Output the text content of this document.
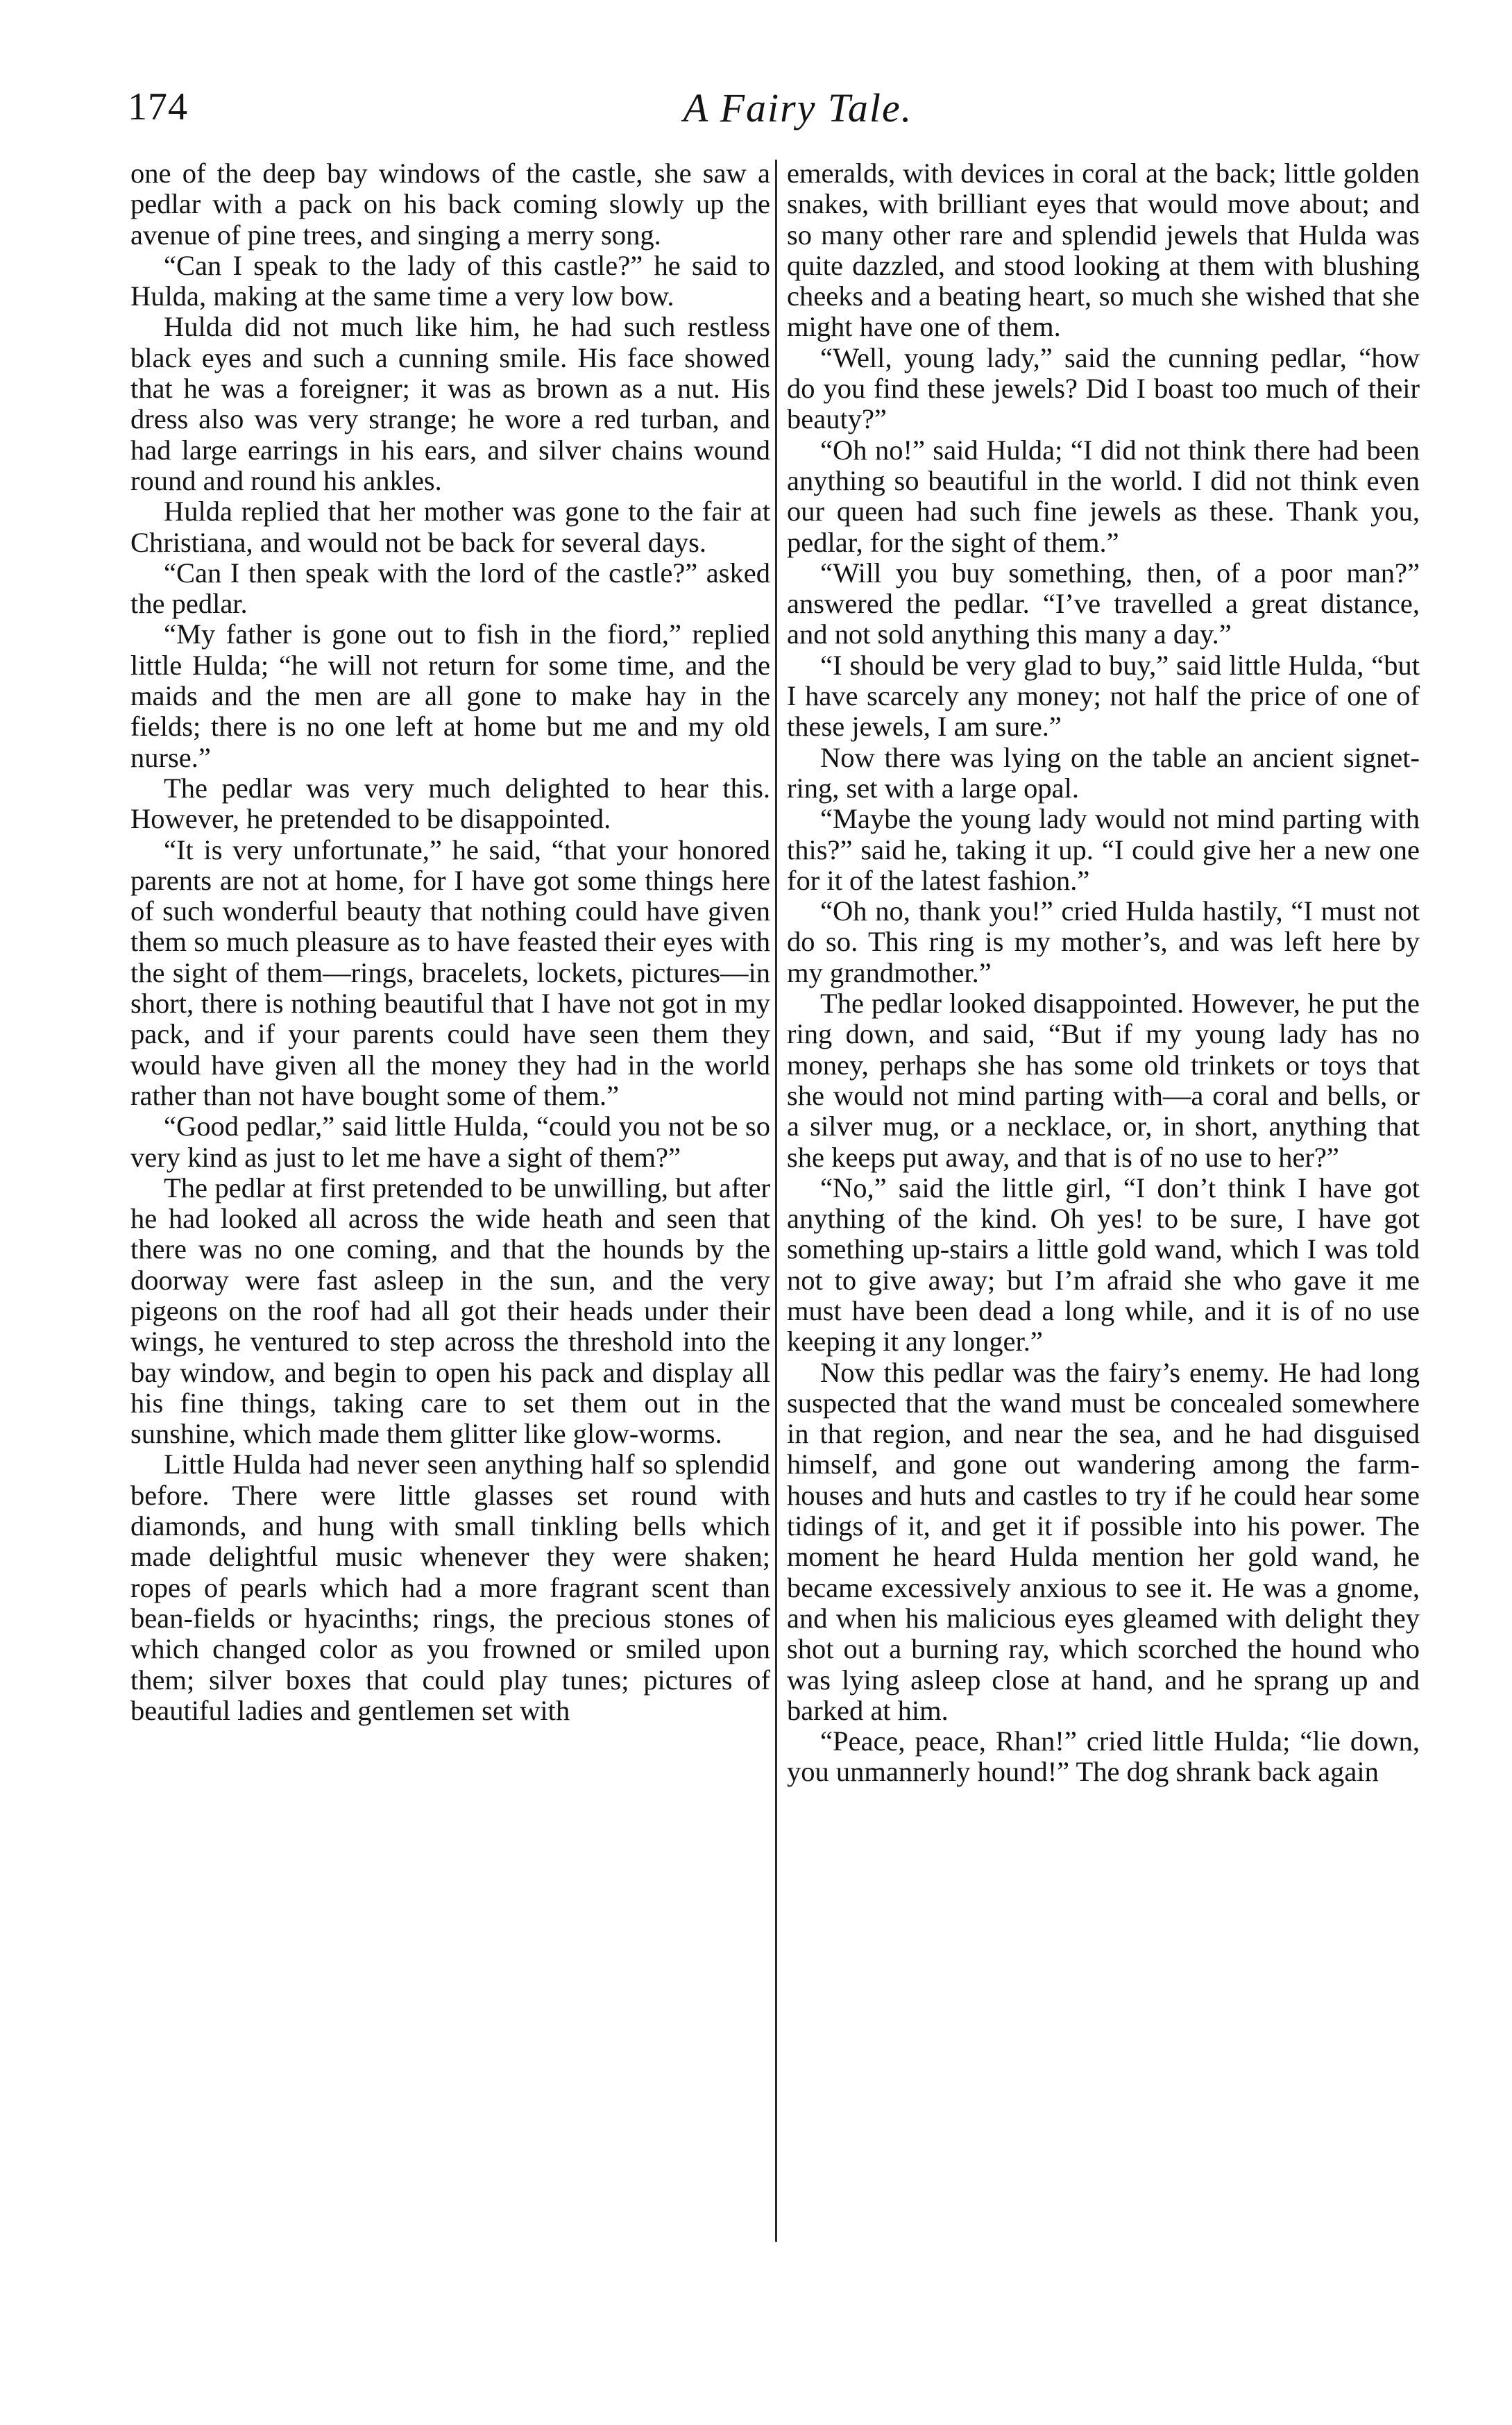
174	A Fairy Tale.

one of the deep bay windows of the castle, she saw a pedlar with a pack on his back coming slowly up the avenue of pine trees, and singing a merry song.

“Can I speak to the lady of this castle?” he said to Hulda, making at the same time a very low bow.

Hulda did not much like him, he had such restless black eyes and such a cunning smile. His face showed that he was a foreigner; it was as brown as a nut. His dress also was very strange; he wore a red turban, and had large earrings in his ears, and silver chains wound round and round his ankles.

Hulda replied that her mother was gone to the fair at Christiana, and would not be back for several days.

“Can I then speak with the lord of the castle?” asked the pedlar.

“My father is gone out to fish in the fiord,” replied little Hulda; “he will not return for some time, and the maids and the men are all gone to make hay in the fields; there is no one left at home but me and my old nurse.”

The pedlar was very much delighted to hear this. However, he pretended to be disappointed.

“It is very unfortunate,” he said, “that your honored parents are not at home, for I have got some things here of such wonderful beauty that nothing could have given them so much pleasure as to have feasted their eyes with the sight of them—rings, bracelets, lockets, pictures—in short, there is nothing beautiful that I have not got in my pack, and if your parents could have seen them they would have given all the money they had in the world rather than not have bought some of them.”

“Good pedlar,” said little Hulda, “could you not be so very kind as just to let me have a sight of them?”

The pedlar at first pretended to be unwilling, but after he had looked all across the wide heath and seen that there was no one coming, and that the hounds by the doorway were fast asleep in the sun, and the very pigeons on the roof had all got their heads under their wings, he ventured to step across the threshold into the bay window, and begin to open his pack and display all his fine things, taking care to set them out in the sunshine, which made them glitter like glow-worms.

Little Hulda had never seen anything half so splendid before. There were little glasses set round with diamonds, and hung with small tinkling bells which made delightful music whenever they were shaken; ropes of pearls which had a more fragrant scent than bean-fields or hyacinths; rings, the precious stones of which changed color as you frowned or smiled upon them; silver boxes that could play tunes; pictures of beautiful ladies and gentlemen set with

emeralds, with devices in coral at the back; little golden snakes, with brilliant eyes that would move about; and so many other rare and splendid jewels that Hulda was quite dazzled, and stood looking at them with blushing cheeks and a beating heart, so much she wished that she might have one of them.

“Well, young lady,” said the cunning pedlar, “how do you find these jewels? Did I boast too much of their beauty?”

“Oh no!” said Hulda; “I did not think there had been anything so beautiful in the world. I did not think even our queen had such fine jewels as these. Thank you, pedlar, for the sight of them.”

“Will you buy something, then, of a poor man?” answered the pedlar. “I’ve travelled a great distance, and not sold anything this many a day.”

“I should be very glad to buy,” said little Hulda, “but I have scarcely any money; not half the price of one of these jewels, I am sure.”

Now there was lying on the table an ancient signet-ring, set with a large opal.

“Maybe the young lady would not mind parting with this?” said he, taking it up. “I could give her a new one for it of the latest fashion.”

“Oh no, thank you!” cried Hulda hastily, “I must not do so. This ring is my mother’s, and was left here by my grandmother.”

The pedlar looked disappointed. However, he put the ring down, and said, “But if my young lady has no money, perhaps she has some old trinkets or toys that she would not mind parting with—a coral and bells, or a silver mug, or a necklace, or, in short, anything that she keeps put away, and that is of no use to her?”

“No,” said the little girl, “I don’t think I have got anything of the kind. Oh yes! to be sure, I have got something up-stairs a little gold wand, which I was told not to give away; but I’m afraid she who gave it me must have been dead a long while, and it is of no use keeping it any longer.”

Now this pedlar was the fairy’s enemy. He had long suspected that the wand must be concealed somewhere in that region, and near the sea, and he had disguised himself, and gone out wandering among the farm-houses and huts and castles to try if he could hear some tidings of it, and get it if possible into his power. The moment he heard Hulda mention her gold wand, he became excessively anxious to see it. He was a gnome, and when his malicious eyes gleamed with delight they shot out a burning ray, which scorched the hound who was lying asleep close at hand, and he sprang up and barked at him.

“Peace, peace, Rhan!” cried little Hulda; “lie down, you unmannerly hound!” The dog shrank back again
